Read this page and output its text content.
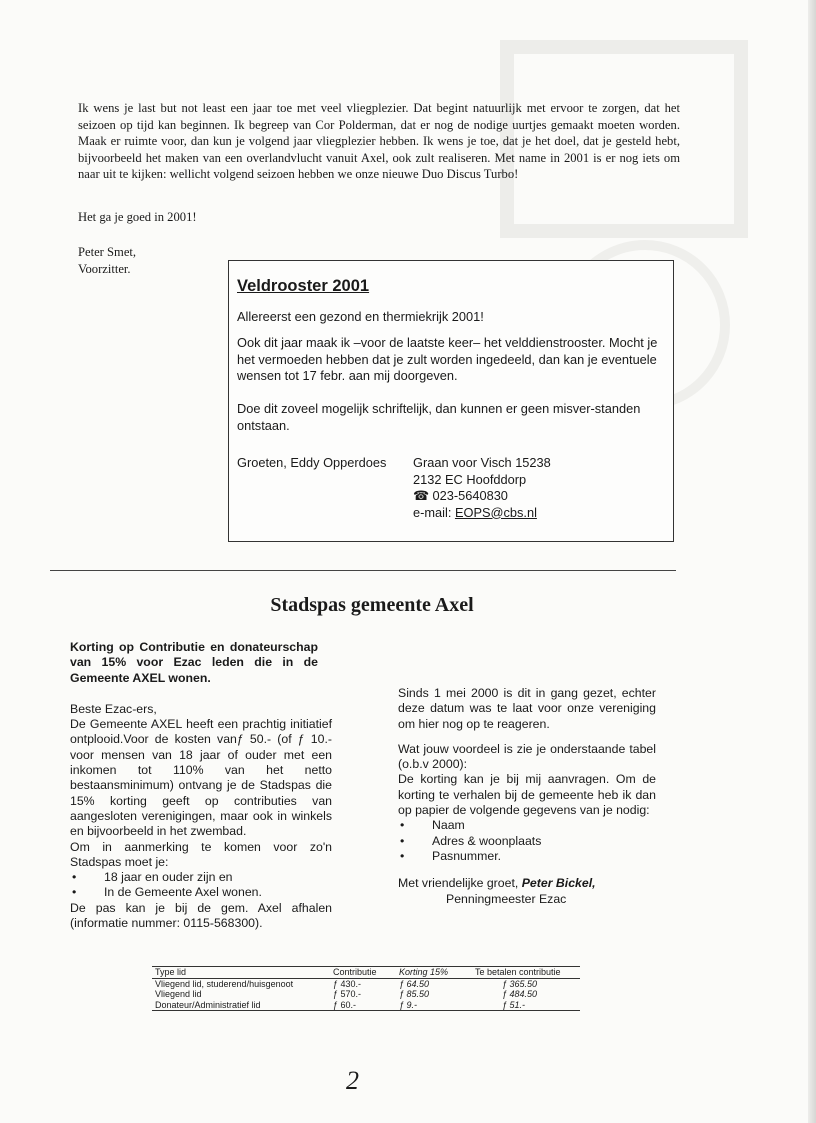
Ik wens je last but not least een jaar toe met veel vliegplezier. Dat begint natuurlijk met ervoor te zorgen, dat het seizoen op tijd kan beginnen. Ik begreep van Cor Polderman, dat er nog de nodige uurtjes gemaakt moeten worden. Maak er ruimte voor, dan kun je volgend jaar vliegplezier hebben. Ik wens je toe, dat je het doel, dat je gesteld hebt, bijvoorbeeld het maken van een overlandvlucht vanuit Axel, ook zult realiseren. Met name in 2001 is er nog iets om naar uit te kijken: wellicht volgend seizoen hebben we onze nieuwe Duo Discus Turbo!

Het ga je goed in 2001!
Peter Smet,
Voorzitter.
Veldrooster 2001
Allereerst een gezond en thermiekrijk 2001!
Ook dit jaar maak ik –voor de laatste keer– het velddienstrooster. Mocht je het vermoeden hebben dat je zult worden ingedeeld, dan kan je eventuele wensen tot 17 febr. aan mij doorgeven.
Doe dit zoveel mogelijk schriftelijk, dan kunnen er geen misver-standen ontstaan.
Groeten, Eddy Opperdoes Graan voor Visch 15238
2132 EC Hoofddorp
☎ 023-5640830
e-mail: EOPS@cbs.nl
Stadspas gemeente Axel

Korting op Contributie en donateurschap van 15% voor Ezac leden die in de Gemeente AXEL wonen.

Beste Ezac-ers,

De Gemeente AXEL heeft een prachtig initiatief ontplooid.Voor de kosten vanƒ 50.- (of ƒ 10.- voor mensen van 18 jaar of ouder met een inkomen tot 110% van het netto bestaansminimum) ontvang je de Stadspas die 15% korting geeft op contributies van aangesloten verenigingen, maar ook in winkels en bijvoorbeeld in het zwembad.

Om in aanmerking te komen voor zo'n Stadspas moet je:

• 18 jaar en ouder zijn en
• In de Gemeente Axel wonen.

De pas kan je bij de gem. Axel afhalen (informatie nummer: 0115-568300).

Sinds 1 mei 2000 is dit in gang gezet, echter deze datum was te laat voor onze vereniging om hier nog op te reageren.

Wat jouw voordeel is zie je onderstaande tabel (o.b.v 2000):

De korting kan je bij mij aanvragen. Om de korting te verhalen bij de gemeente heb ik dan op papier de volgende gegevens van je nodig:

• Naam
• Adres & woonplaats
• Pasnummer.

Met vriendelijke groet, Peter Bickel,

Penningmeester Ezac

Type lid	Contributie	Korting 15%	Te betalen contributie
Vliegend lid, studerend/huisgenoot	ƒ 430.-	ƒ 64.50	ƒ 365.50
Vliegend lid	ƒ 570.-	ƒ 85.50	ƒ 484.50
Donateur/Administratief lid	ƒ 60.-	ƒ 9.-	ƒ 51.-
2
